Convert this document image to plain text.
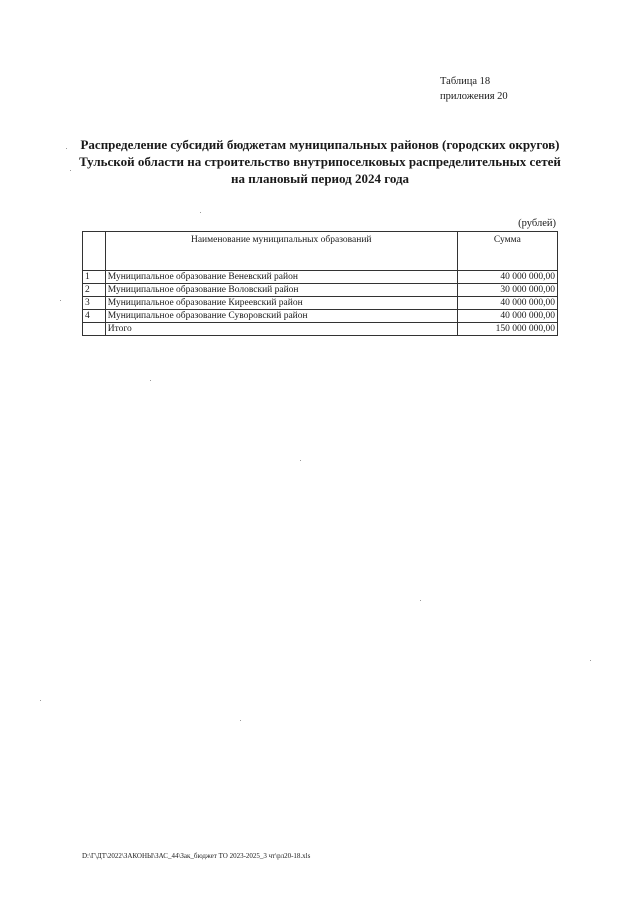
Таблица 18
приложения 20
Распределение субсидий бюджетам муниципальных районов (городских округов)
Тульской области на строительство внутрипоселковых распределительных сетей
на плановый период 2024 года
(рублей)
	Наименование муниципальных образований	Сумма
1	Муниципальное образование Веневский район	40 000 000,00
2	Муниципальное образование Воловский район	30 000 000,00
3	Муниципальное образование Киреевский район	40 000 000,00
4	Муниципальное образование Суворовский район	40 000 000,00
	Итого	150 000 000,00
D:\Г\ДТ\2022\ЗАКОНЫ\ЗАС_44\Зак_бюджет ТО 2023-2025_3 чт\рл20-18.xls
